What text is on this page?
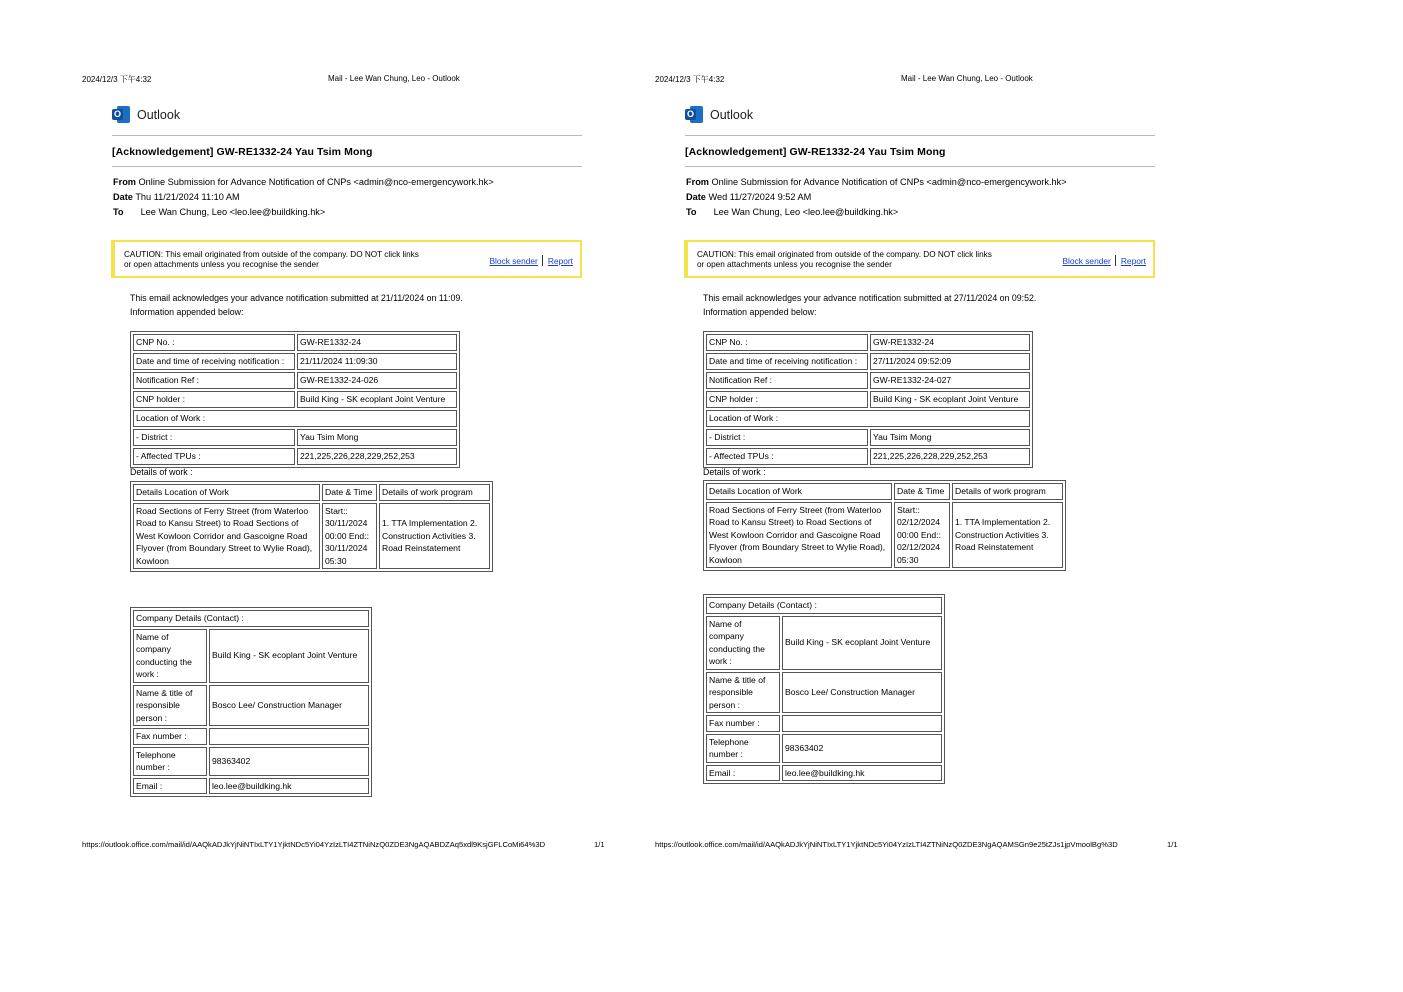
2024/12/3 下午4:32	Mail - Lee Wan Chung, Leo - Outlook
O Outlook
[Acknowledgement] GW-RE1332-24 Yau Tsim Mong
From Online Submission for Advance Notification of CNPs <admin@nco-emergencywork.hk>
Date Thu 11/21/2024 11:10 AM
To Lee Wan Chung, Leo <leo.lee@buildking.hk>
CAUTION: This email originated from outside of the company. DO NOT click links
or open attachments unless you recognise the sender	Block sender Report
This email acknowledges your advance notification submitted at 21/11/2024 on 11:09.
Information appended below:
CNP No. :	GW-RE1332-24
Date and time of receiving notification :	21/11/2024 11:09:30
Notification Ref :	GW-RE1332-24-026
CNP holder :	Build King - SK ecoplant Joint Venture
Location of Work :	
- District :	Yau Tsim Mong
- Affected TPUs :	221,225,226,228,229,252,253
Details of work :
Details Location of Work	Date & Time	Details of work program
Road Sections of Ferry Street (from Waterloo Road to Kansu Street) to Road Sections of West Kowloon Corridor and Gascoigne Road Flyover (from Boundary Street to Wylie Road), Kowloon	Start:: 30/11/2024 00:00 End:: 30/11/2024 05:30	1. TTA Implementation 2. Construction Activities 3. Road Reinstatement
Company Details (Contact) :	
Name of company conducting the work :	Build King - SK ecoplant Joint Venture
Name & title of responsible person :	Bosco Lee/ Construction Manager
Fax number :	
Telephone number :	98363402
Email :	leo.lee@buildking.hk
https://outlook.office.com/mail/id/AAQkADJkYjNiNTIxLTY1YjktNDc5Yi04YzIzLTI4ZTNiNzQ0ZDE3NgAQABDZAq5xdl9KsjGFLCoMi64%3D	1/1
2024/12/3 下午4:32	Mail - Lee Wan Chung, Leo - Outlook
O Outlook
[Acknowledgement] GW-RE1332-24 Yau Tsim Mong
From Online Submission for Advance Notification of CNPs <admin@nco-emergencywork.hk>
Date Wed 11/27/2024 9:52 AM
To Lee Wan Chung, Leo <leo.lee@buildking.hk>
CAUTION: This email originated from outside of the company. DO NOT click links
or open attachments unless you recognise the sender	Block sender Report
This email acknowledges your advance notification submitted at 27/11/2024 on 09:52.
Information appended below:
CNP No. :	GW-RE1332-24
Date and time of receiving notification :	27/11/2024 09:52:09
Notification Ref :	GW-RE1332-24-027
CNP holder :	Build King - SK ecoplant Joint Venture
Location of Work :	
- District :	Yau Tsim Mong
- Affected TPUs :	221,225,226,228,229,252,253
Details of work :
Details Location of Work	Date & Time	Details of work program
Road Sections of Ferry Street (from Waterloo Road to Kansu Street) to Road Sections of West Kowloon Corridor and Gascoigne Road Flyover (from Boundary Street to Wylie Road), Kowloon	Start:: 02/12/2024 00:00 End:: 02/12/2024 05:30	1. TTA Implementation 2. Construction Activities 3. Road Reinstatement
Company Details (Contact) :	
Name of company conducting the work :	Build King - SK ecoplant Joint Venture
Name & title of responsible person :	Bosco Lee/ Construction Manager
Fax number :	
Telephone number :	98363402
Email :	leo.lee@buildking.hk
https://outlook.office.com/mail/id/AAQkADJkYjNiNTIxLTY1YjktNDc5Yi04YzIzLTI4ZTNiNzQ0ZDE3NgAQAMSGn9e25tZJs1jpVmoolBg%3D	1/1
